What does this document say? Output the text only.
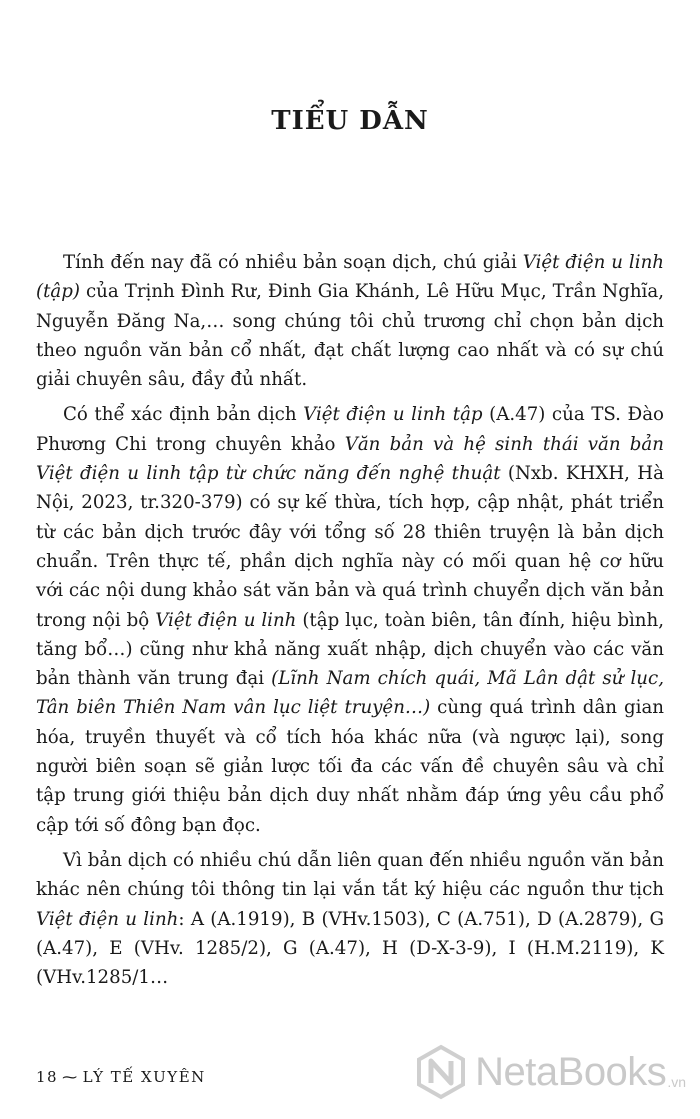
TIỂU DẪN

Tính đến nay đã có nhiều bản soạn dịch, chú giải Việt điện u linh (tập) của Trịnh Đình Rư, Đinh Gia Khánh, Lê Hữu Mục, Trần Nghĩa, Nguyễn Đăng Na,… song chúng tôi chủ trương chỉ chọn bản dịch theo nguồn văn bản cổ nhất, đạt chất lượng cao nhất và có sự chú giải chuyên sâu, đầy đủ nhất.

Có thể xác định bản dịch Việt điện u linh tập (A.47) của TS. Đào Phương Chi trong chuyên khảo Văn bản và hệ sinh thái văn bản Việt điện u linh tập từ chức năng đến nghệ thuật (Nxb. KHXH, Hà Nội, 2023, tr.320-379) có sự kế thừa, tích hợp, cập nhật, phát triển từ các bản dịch trước đây với tổng số 28 thiên truyện là bản dịch chuẩn. Trên thực tế, phần dịch nghĩa này có mối quan hệ cơ hữu với các nội dung khảo sát văn bản và quá trình chuyển dịch văn bản trong nội bộ Việt điện u linh (tập lục, toàn biên, tân đính, hiệu bình, tăng bổ…) cũng như khả năng xuất nhập, dịch chuyển vào các văn bản thành văn trung đại (Lĩnh Nam chích quái, Mã Lân dật sử lục, Tân biên Thiên Nam vân lục liệt truyện…) cùng quá trình dân gian hóa, truyền thuyết và cổ tích hóa khác nữa (và ngược lại), song người biên soạn sẽ giản lược tối đa các vấn đề chuyên sâu và chỉ tập trung giới thiệu bản dịch duy nhất nhằm đáp ứng yêu cầu phổ cập tới số đông bạn đọc.

Vì bản dịch có nhiều chú dẫn liên quan đến nhiều nguồn văn bản khác nên chúng tôi thông tin lại vắn tắt ký hiệu các nguồn thư tịch Việt điện u linh: A (A.1919), B (VHv.1503), C (A.751), D (A.2879), G (A.47), E (VHv. 1285/2), G (A.47), H (D-X-3-9), I (H.M.2119), K (VHv.1285/1…

18 ⁓ LÝ TẾ XUYÊN	NetaBooks .vn
